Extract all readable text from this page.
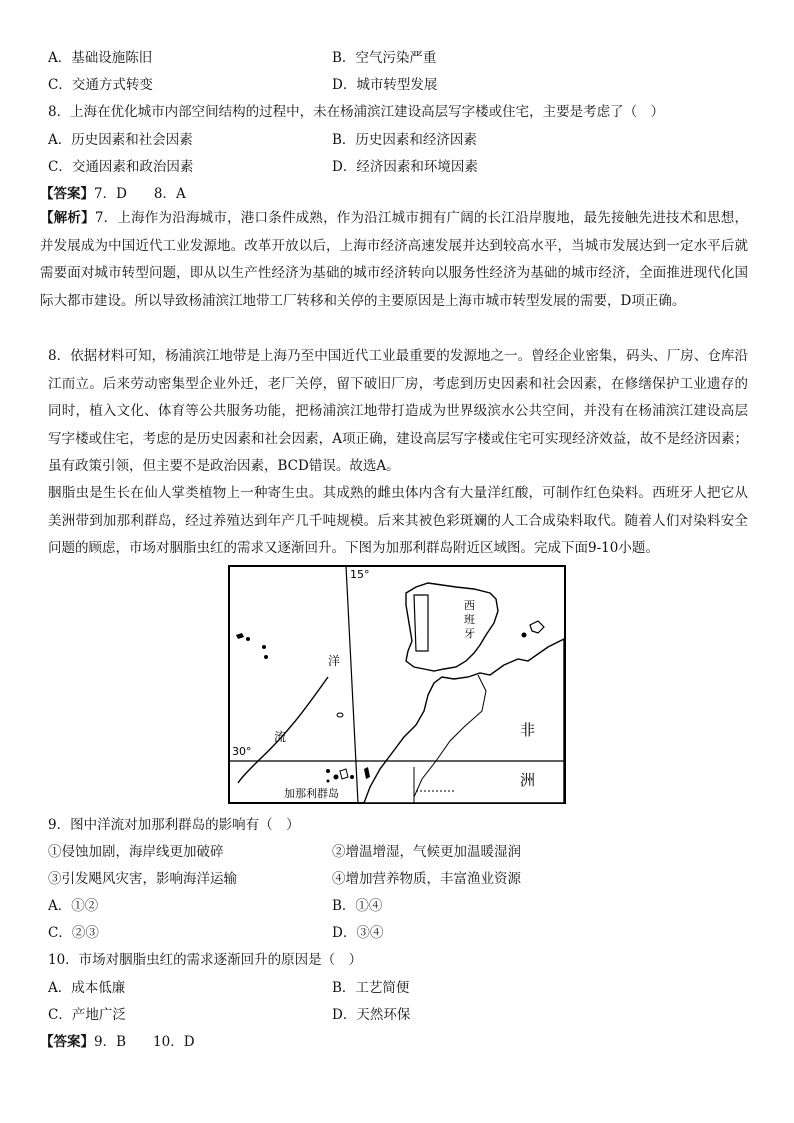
A．基础设施陈旧	B．空气污染严重
C．交通方式转变	D．城市转型发展
8．上海在优化城市内部空间结构的过程中，未在杨浦滨江建设高层写字楼或住宅，主要是考虑了（　）
A．历史因素和社会因素	B．历史因素和经济因素
C．交通因素和政治因素	D．经济因素和环境因素
【答案】7．D　　8．A

【解析】7．上海作为沿海城市，港口条件成熟，作为沿江城市拥有广阔的长江沿岸腹地，最先接触先进技术和思想，并发展成为中国近代工业发源地。改革开放以后，上海市经济高速发展并达到较高水平，当城市发展达到一定水平后就需要面对城市转型问题，即从以生产性经济为基础的城市经济转向以服务性经济为基础的城市经济，全面推进现代化国际大都市建设。所以导致杨浦滨江地带工厂转移和关停的主要原因是上海市城市转型发展的需要，D项正确。

8．依据材料可知，杨浦滨江地带是上海乃至中国近代工业最重要的发源地之一。曾经企业密集，码头、厂房、仓库沿江而立。后来劳动密集型企业外迁，老厂关停，留下破旧厂房，考虑到历史因素和社会因素，在修缮保护工业遗存的同时，植入文化、体育等公共服务功能，把杨浦滨江地带打造成为世界级滨水公共空间，并没有在杨浦滨江建设高层写字楼或住宅，考虑的是历史因素和社会因素，A项正确，建设高层写字楼或住宅可实现经济效益，故不是经济因素；虽有政策引领，但主要不是政治因素，BCD错误。故选A。

胭脂虫是生长在仙人掌类植物上一种寄生虫。其成熟的雌虫体内含有大量洋红酸，可制作红色染料。西班牙人把它从美洲带到加那利群岛，经过养殖达到年产几千吨规模。后来其被色彩斑斓的人工合成染料取代。随着人们对染料安全问题的顾虑，市场对胭脂虫红的需求又逐渐回升。下图为加那利群岛附近区域图。完成下面9-10小题。

15°
30°
西
班
牙
洋
流	非
洲
加那利群岛
9．图中洋流对加那利群岛的影响有（　）
①侵蚀加剧，海岸线更加破碎	②增温增湿，气候更加温暖湿润
③引发飓风灾害，影响海洋运输	④增加营养物质，丰富渔业资源
A．①②	B．①④
C．②③	D．③④
10．市场对胭脂虫红的需求逐渐回升的原因是（　）
A．成本低廉	B．工艺简便
C．产地广泛	D．天然环保
【答案】9．B　　10．D
